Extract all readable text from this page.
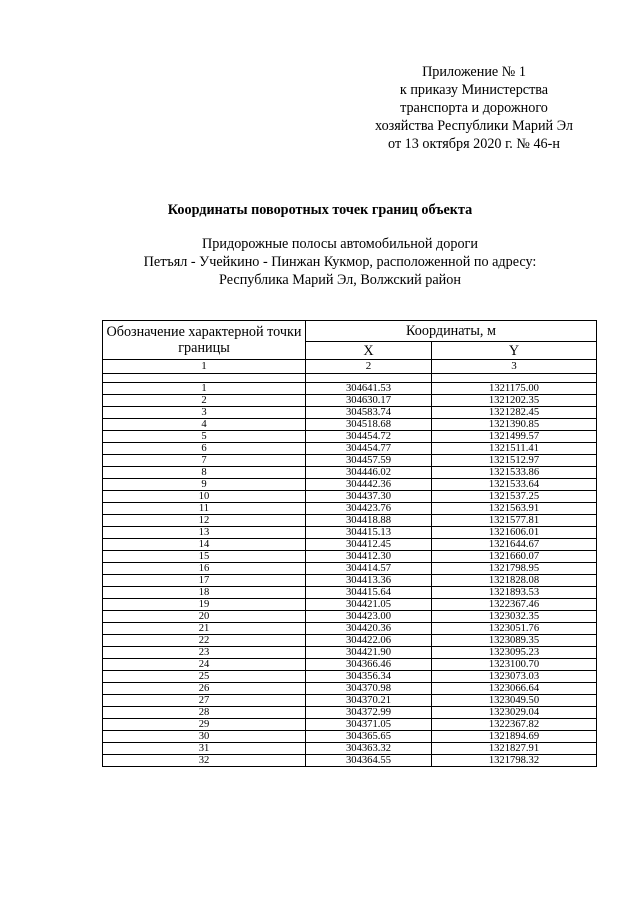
Приложение № 1
к приказу Министерства
транспорта и дорожного
хозяйства Республики Марий Эл
от 13 октября 2020 г. № 46-н
Координаты поворотных точек границ объекта
Придорожные полосы автомобильной дороги
Петъял - Учейкино - Пинжан Кукмор, расположенной по адресу:
Республика Марий Эл, Волжский район
Обозначение характерной точки границы	Координаты, м	
	X	Y
1	2	3

1	304641.53	1321175.00
2	304630.17	1321202.35
3	304583.74	1321282.45
4	304518.68	1321390.85
5	304454.72	1321499.57
6	304454.77	1321511.41
7	304457.59	1321512.97
8	304446.02	1321533.86
9	304442.36	1321533.64
10	304437.30	1321537.25
11	304423.76	1321563.91
12	304418.88	1321577.81
13	304415.13	1321606.01
14	304412.45	1321644.67
15	304412.30	1321660.07
16	304414.57	1321798.95
17	304413.36	1321828.08
18	304415.64	1321893.53
19	304421.05	1322367.46
20	304423.00	1323032.35
21	304420.36	1323051.76
22	304422.06	1323089.35
23	304421.90	1323095.23
24	304366.46	1323100.70
25	304356.34	1323073.03
26	304370.98	1323066.64
27	304370.21	1323049.50
28	304372.99	1323029.04
29	304371.05	1322367.82
30	304365.65	1321894.69
31	304363.32	1321827.91
32	304364.55	1321798.32
